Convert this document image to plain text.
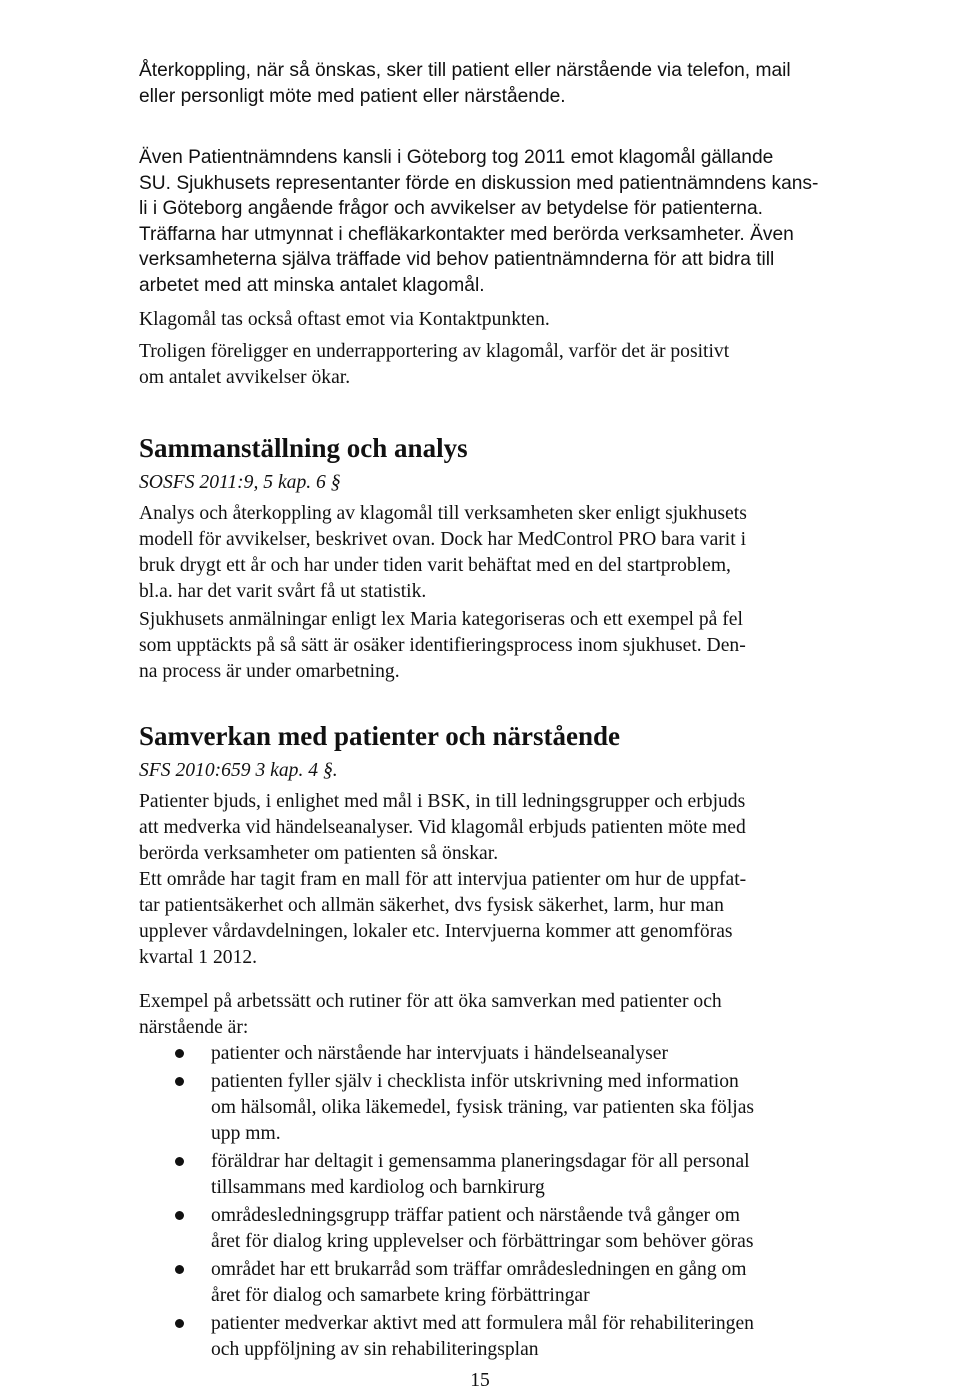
Återkoppling, när så önskas, sker till patient eller närstående via telefon, mail
eller personligt möte med patient eller närstående.
Även Patientnämndens kansli i Göteborg tog 2011 emot klagomål gällande
SU. Sjukhusets representanter förde en diskussion med patientnämndens kans-
li i Göteborg angående frågor och avvikelser av betydelse för patienterna.
Träffarna har utmynnat i chefläkarkontakter med berörda verksamheter. Även
verksamheterna själva träffade vid behov patientnämnderna för att bidra till
arbetet med att minska antalet klagomål.
Klagomål tas också oftast emot via Kontaktpunkten.
Troligen föreligger en underrapportering av klagomål, varför det är positivt
om antalet avvikelser ökar.
Sammanställning och analys
SOSFS 2011:9, 5 kap. 6 §
Analys och återkoppling av klagomål till verksamheten sker enligt sjukhusets
modell för avvikelser, beskrivet ovan. Dock har MedControl PRO bara varit i
bruk drygt ett år och har under tiden varit behäftat med en del startproblem,
bl.a. har det varit svårt få ut statistik.
Sjukhusets anmälningar enligt lex Maria kategoriseras och ett exempel på fel
som upptäckts på så sätt är osäker identifieringsprocess inom sjukhuset. Den-
na process är under omarbetning.
Samverkan med patienter och närstående
SFS 2010:659 3 kap. 4 §.
Patienter bjuds, i enlighet med mål i BSK, in till ledningsgrupper och erbjuds
att medverka vid händelseanalyser. Vid klagomål erbjuds patienten möte med
berörda verksamheter om patienten så önskar.
Ett område har tagit fram en mall för att intervjua patienter om hur de uppfat-
tar patientsäkerhet och allmän säkerhet, dvs fysisk säkerhet, larm, hur man
upplever vårdavdelningen, lokaler etc. Intervjuerna kommer att genomföras
kvartal 1 2012.
Exempel på arbetssätt och rutiner för att öka samverkan med patienter och
närstående är:
patienter och närstående har intervjuats i händelseanalyser
patienten fyller själv i checklista inför utskrivning med information
om hälsomål, olika läkemedel, fysisk träning, var patienten ska följas
upp mm.
föräldrar har deltagit i gemensamma planeringsdagar för all personal
tillsammans med kardiolog och barnkirurg
områdesledningsgrupp träffar patient och närstående två gånger om
året för dialog kring upplevelser och förbättringar som behöver göras
området har ett brukarråd som träffar områdesledningen en gång om
året för dialog och samarbete kring förbättringar
patienter medverkar aktivt med att formulera mål för rehabiliteringen
och uppföljning av sin rehabiliteringsplan
15
